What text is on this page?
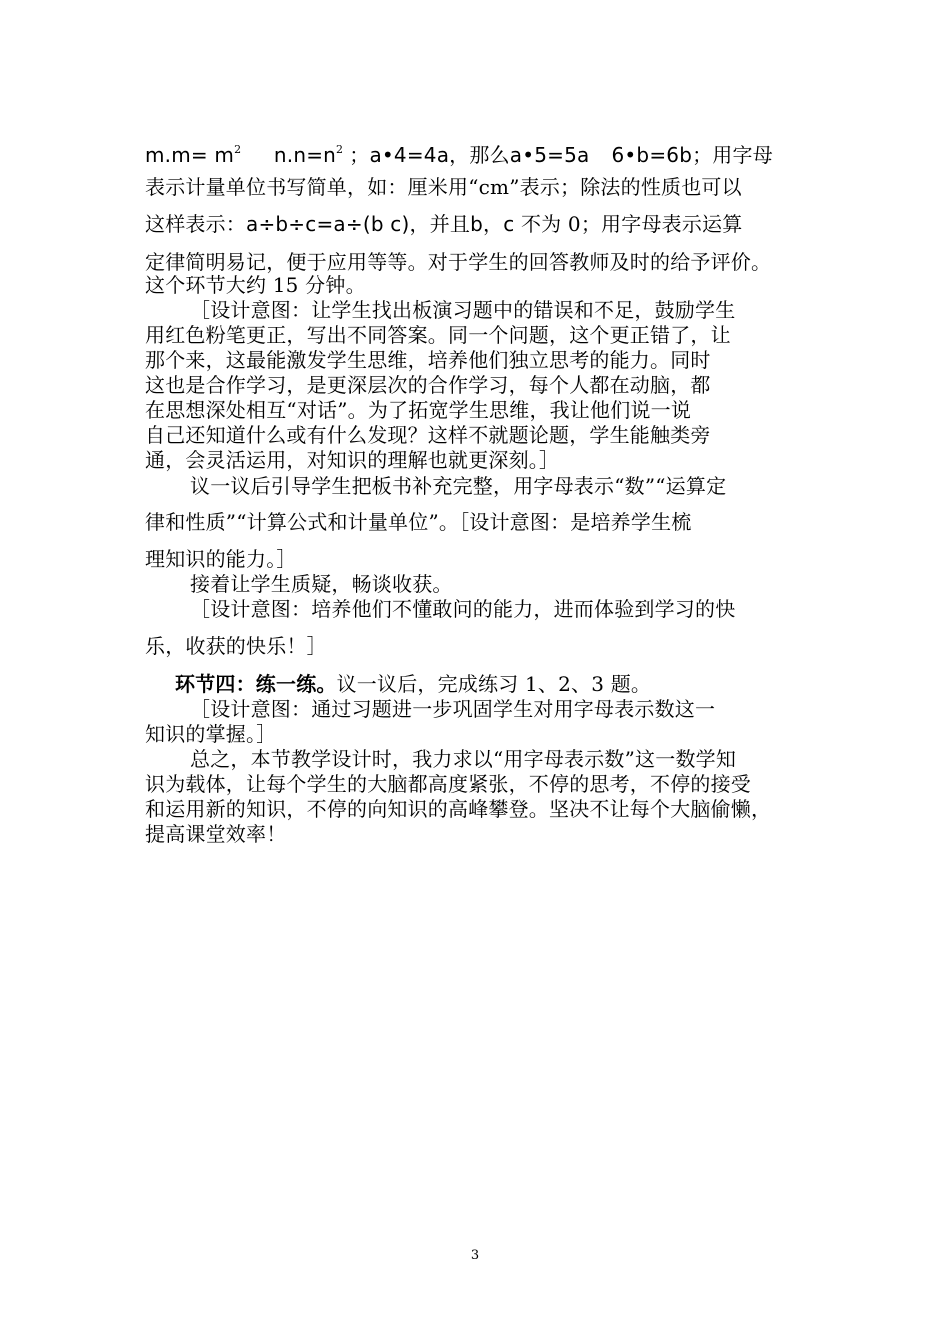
$m.m= m^2$ $n.n=n^2$ ；a•4=4a，那么a•5=5a 6•b=6b；用字母
表示计量单位书写简单，如：厘米用“cm”表示；除法的性质也可以
这样表示：a÷b÷c=a÷(b c)，并且b，c 不为 0；用字母表示运算
定律简明易记，便于应用等等。对于学生的回答教师及时的给予评价。
这个环节大约 15 分钟。
［设计意图：让学生找出板演习题中的错误和不足，鼓励学生
用红色粉笔更正，写出不同答案。同一个问题，这个更正错了，让
那个来，这最能激发学生思维，培养他们独立思考的能力。同时
这也是合作学习，是更深层次的合作学习，每个人都在动脑，都
在思想深处相互“对话”。为了拓宽学生思维，我让他们说一说
自己还知道什么或有什么发现？这样不就题论题，学生能触类旁
通，会灵活运用，对知识的理解也就更深刻。］
议一议后引导学生把板书补充完整，用字母表示“数”“运算定
律和性质”“计算公式和计量单位”。［设计意图：是培养学生梳
理知识的能力。］
接着让学生质疑，畅谈收获。
［设计意图：培养他们不懂敢问的能力，进而体验到学习的快
乐，收获的快乐！］
环节四：练一练。议一议后，完成练习 1、2、3 题。
［设计意图：通过习题进一步巩固学生对用字母表示数这一
知识的掌握。］
总之，本节教学设计时，我力求以“用字母表示数”这一数学知
识为载体，让每个学生的大脑都高度紧张，不停的思考，不停的接受
和运用新的知识，不停的向知识的高峰攀登。坚决不让每个大脑偷懒，
提高课堂效率！
3
